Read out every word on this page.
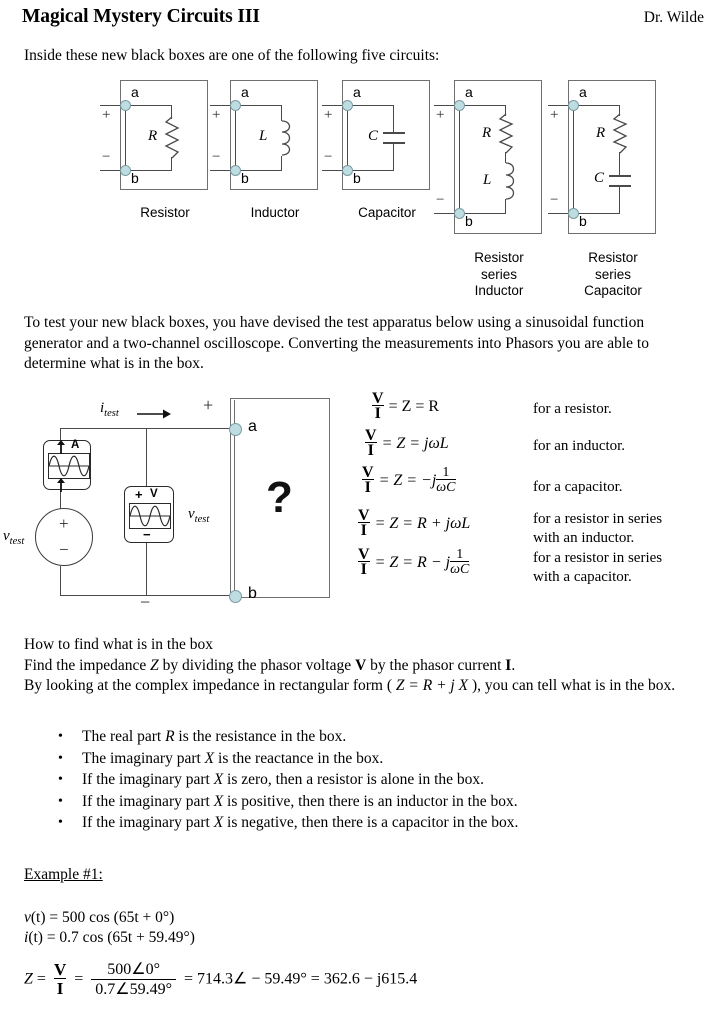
Magical Mystery Circuits III	Dr. Wilde
Inside these new black boxes are one of the following five circuits:
a
b
+
−
R
Resistor
a
b
+
−
L
Inductor
a
b
+
−
C
Capacitor
a
b
+
−
R
L
Resistor
series
Inductor
a
b
+
−
R
C
Resistor
series
Capacitor
To test your new black boxes, you have devised the test apparatus below using a sinusoidal function generator and a two-channel oscilloscope. Converting the measurements into Phasors you are able to determine what is in the box.
$i_{test}$
A
+ V
−
+
−
$v_{test}$
$v_{test}$
+
−
a
b
?
$\frac{V}{I} = Z = R$	for a resistor.
$\frac{V}{I} = Z = j\omega L$	for an inductor.
$\frac{V}{I} = Z = -j \frac{1}{\omega C}$	for a capacitor.
$\frac{V}{I} = Z = R + j\omega L$	for a resistor in series
with an inductor.
$\frac{V}{I} = Z = R - j \frac{1}{\omega C}$	for a resistor in series
with a capacitor.
How to find what is in the box
Find the impedance Z by dividing the phasor voltage V by the phasor current I.
By looking at the complex impedance in rectangular form ( Z = R + j X ), you can tell what is in the box.
• The real part R is the resistance in the box.
• The imaginary part X is the reactance in the box.
• If the imaginary part X is zero, then a resistor is alone in the box.
• If the imaginary part X is positive, then there is an inductor in the box.
• If the imaginary part X is negative, then there is a capacitor in the box.
Example #1:
v(t) = 500 cos (65t + 0°)
i(t) = 0.7 cos (65t + 59.49°)
$Z = \frac{V}{I} = \frac{500\angle 0^\circ}{0.7\angle 59.49^\circ}$ = 714.3∠ − 59.49° = 362.6 − j615.4
